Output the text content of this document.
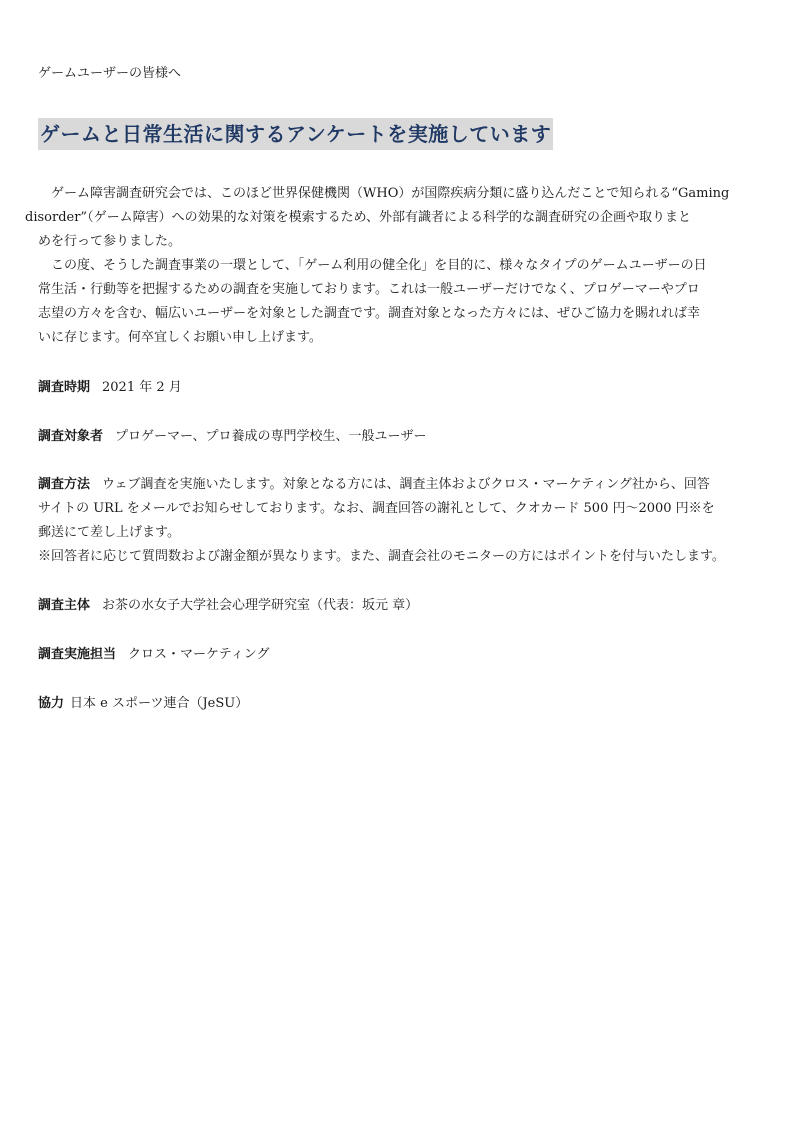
ゲームユーザーの皆様へ
ゲームと日常生活に関するアンケートを実施しています

ゲーム障害調査研究会では、このほど世界保健機関（WHO）が国際疾病分類に盛り込んだことで知られる“Gaming
disorder”（ゲーム障害）への効果的な対策を模索するため、外部有識者による科学的な調査研究の企画や取りまと
めを行って参りました。

この度、そうした調査事業の一環として、「ゲーム利用の健全化」を目的に、様々なタイプのゲームユーザーの日
常生活・行動等を把握するための調査を実施しております。これは一般ユーザーだけでなく、プロゲーマーやプロ
志望の方々を含む、幅広いユーザーを対象とした調査です。調査対象となった方々には、ぜひご協力を賜れれば幸
いに存じます。何卒宜しくお願い申し上げます。

調査時期 2021 年 2 月
調査対象者 プロゲーマー、プロ養成の専門学校生、一般ユーザー

調査方法 ウェブ調査を実施いたします。対象となる方には、調査主体およびクロス・マーケティング社から、回答

サイトの URL をメールでお知らせしております。なお、調査回答の謝礼として、クオカード 500 円～2000 円※を

郵送にて差し上げます。

※回答者に応じて質問数および謝金額が異なります。また、調査会社のモニターの方にはポイントを付与いたします。

調査主体 お茶の水女子大学社会心理学研究室（代表：坂元 章）
調査実施担当 クロス・マーケティング
協力 日本 e スポーツ連合（JeSU）
